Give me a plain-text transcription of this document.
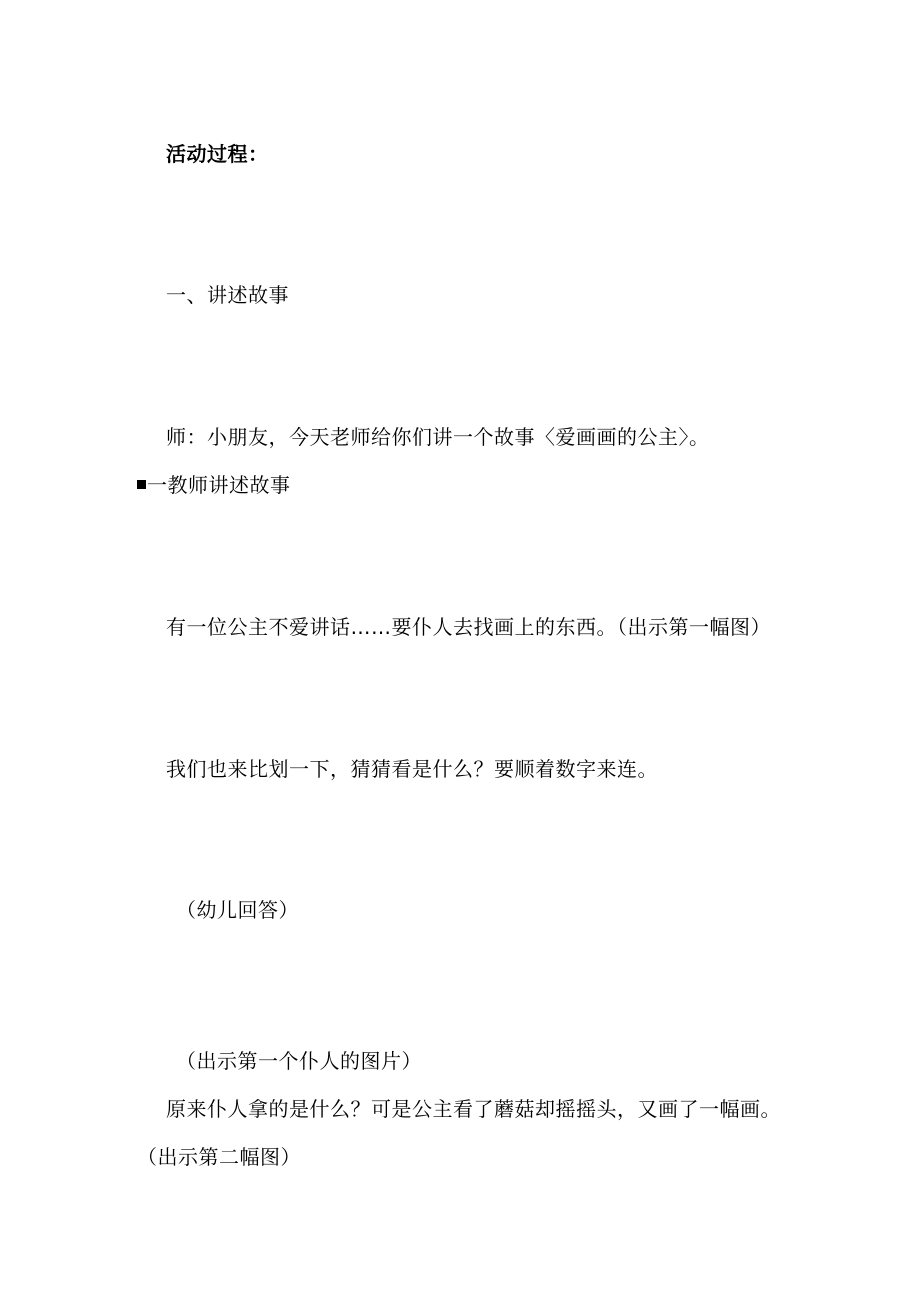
活动过程：
一、讲述故事
师：小朋友，今天老师给你们讲一个故事〈爱画画的公主〉。
一教师讲述故事
有一位公主不爱讲话……要仆人去找画上的东西。（出示第一幅图）
我们也来比划一下，猜猜看是什么？要顺着数字来连。
（幼儿回答）
（出示第一个仆人的图片）
原来仆人拿的是什么？可是公主看了蘑菇却摇摇头，又画了一幅画。
（出示第二幅图）
